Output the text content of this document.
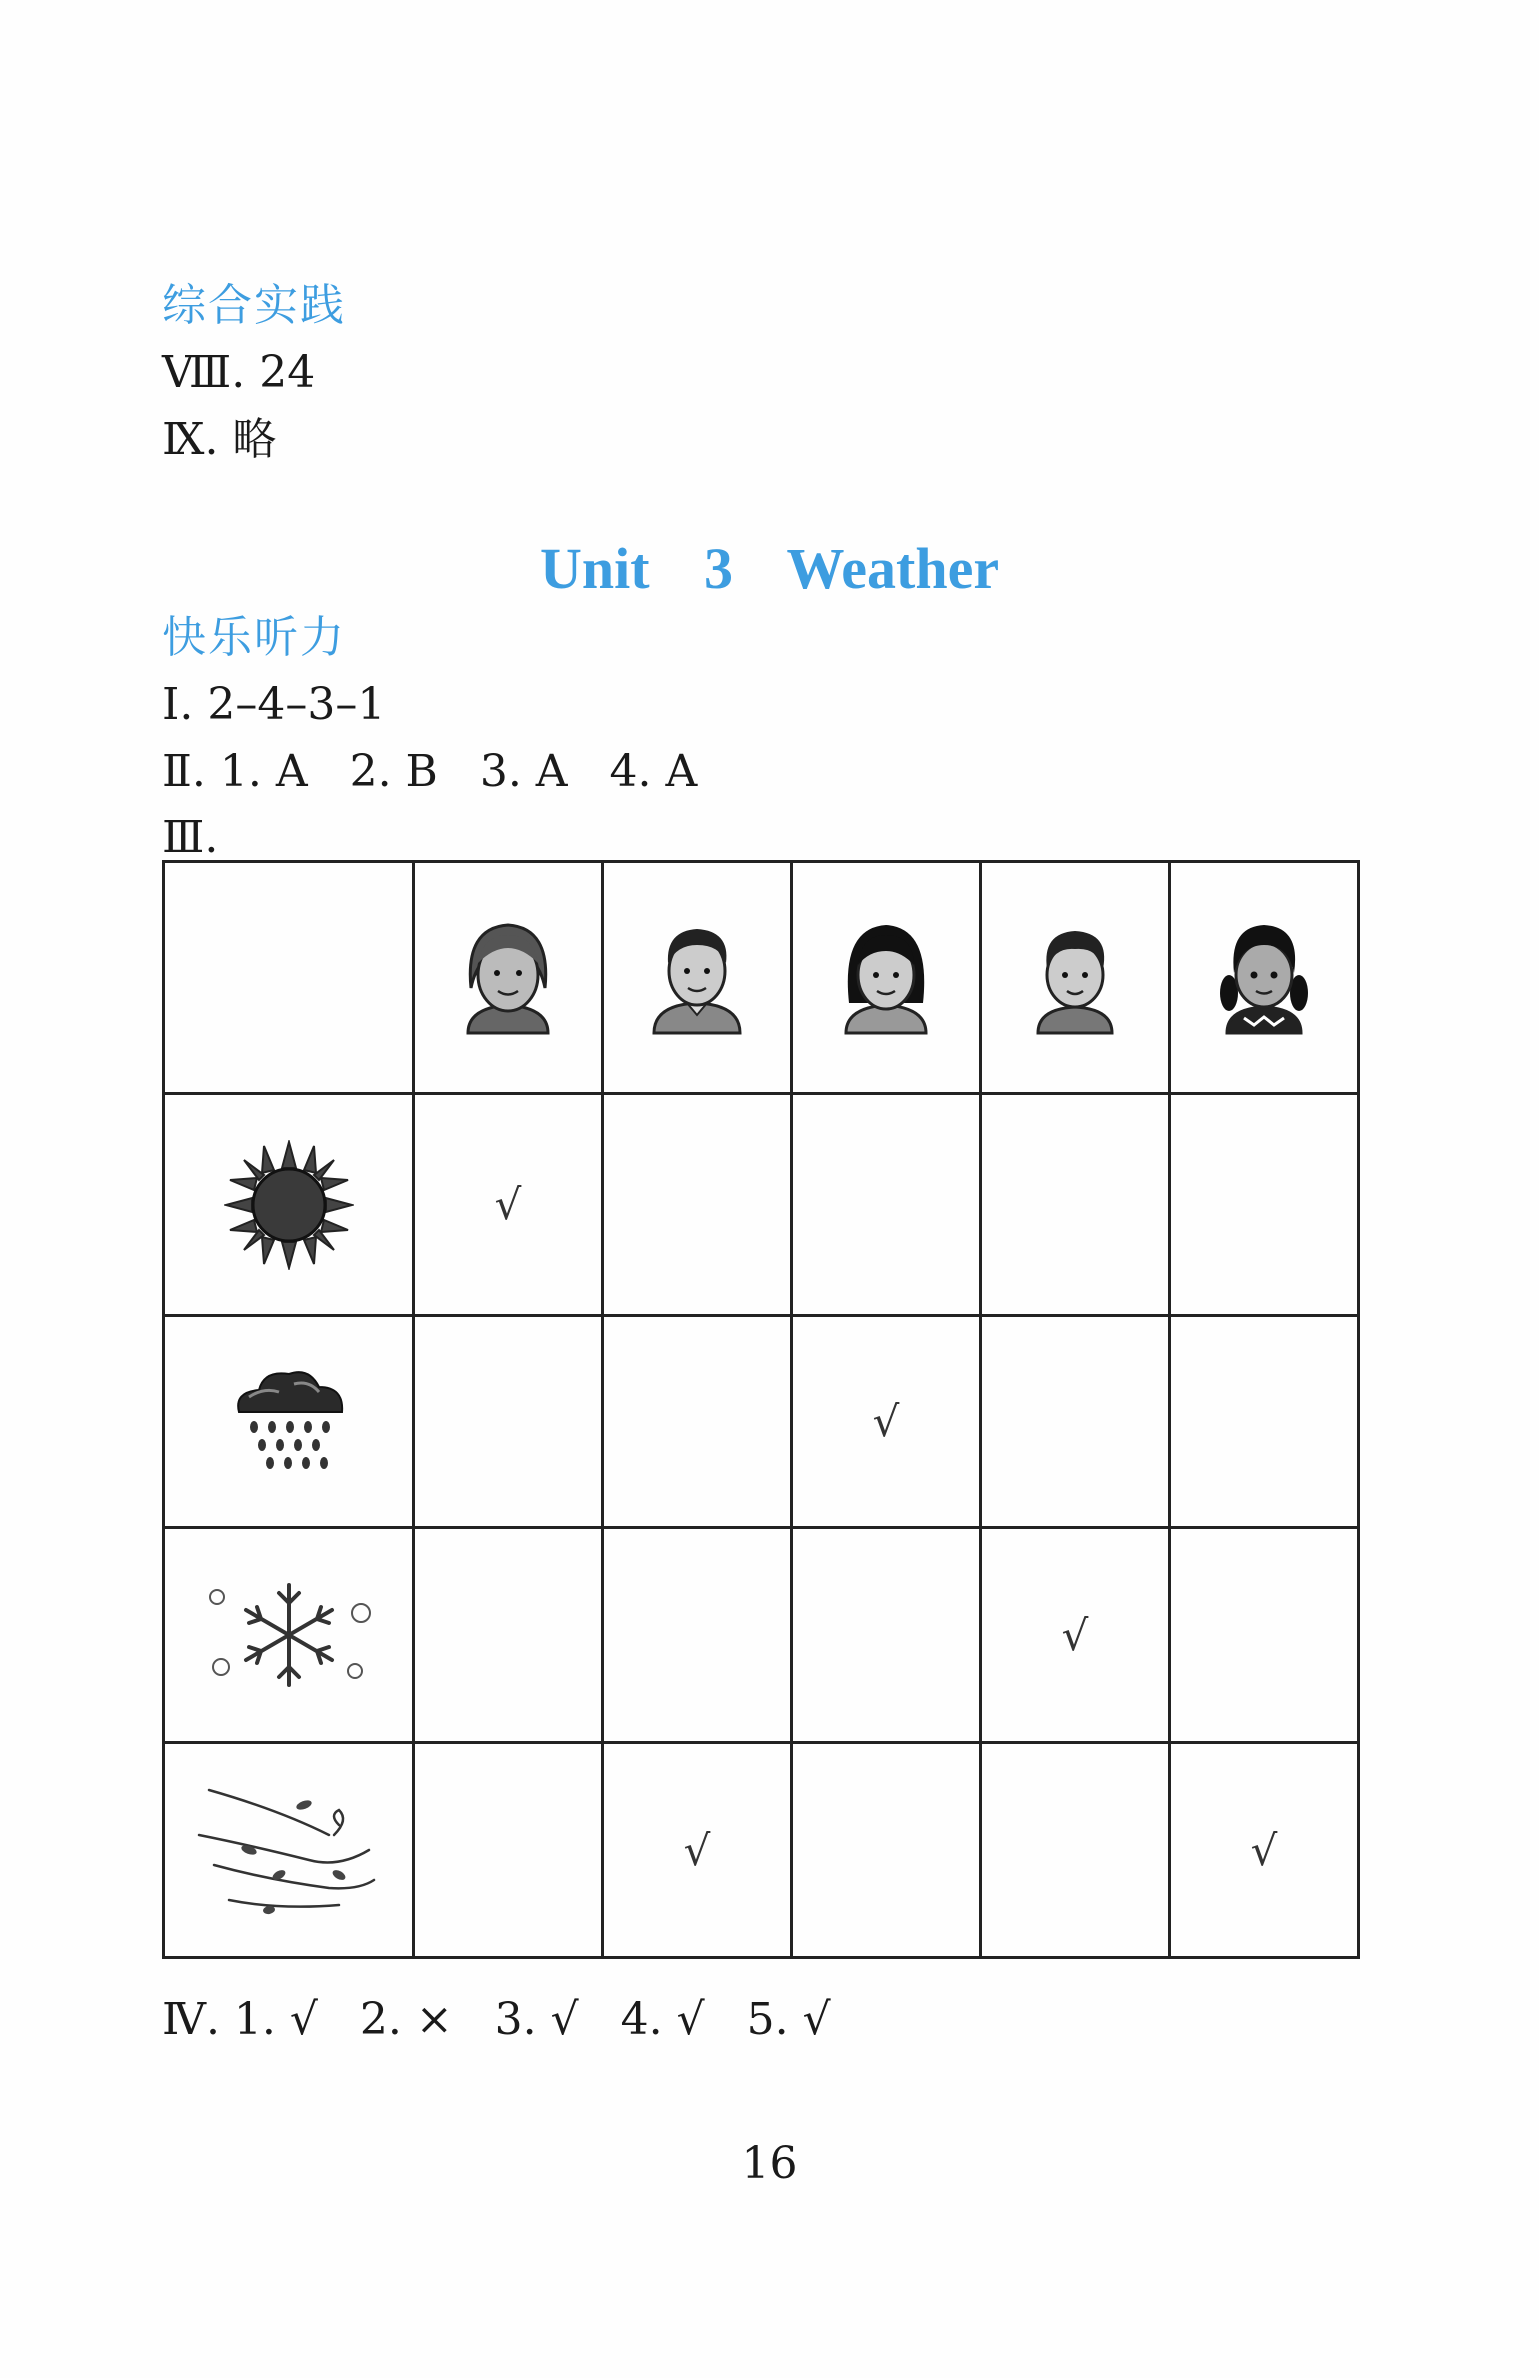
综合实践
Ⅷ. 24
Ⅸ. 略
Unit 3 Weather
快乐听力
Ⅰ. 2–4–3–1
Ⅱ. 1. A   2. B   3. A   4. A
Ⅲ.

	√				

			√		

				√	

		√			√
Ⅳ. 1. √   2. ×   3. √   4. √   5. √
16
